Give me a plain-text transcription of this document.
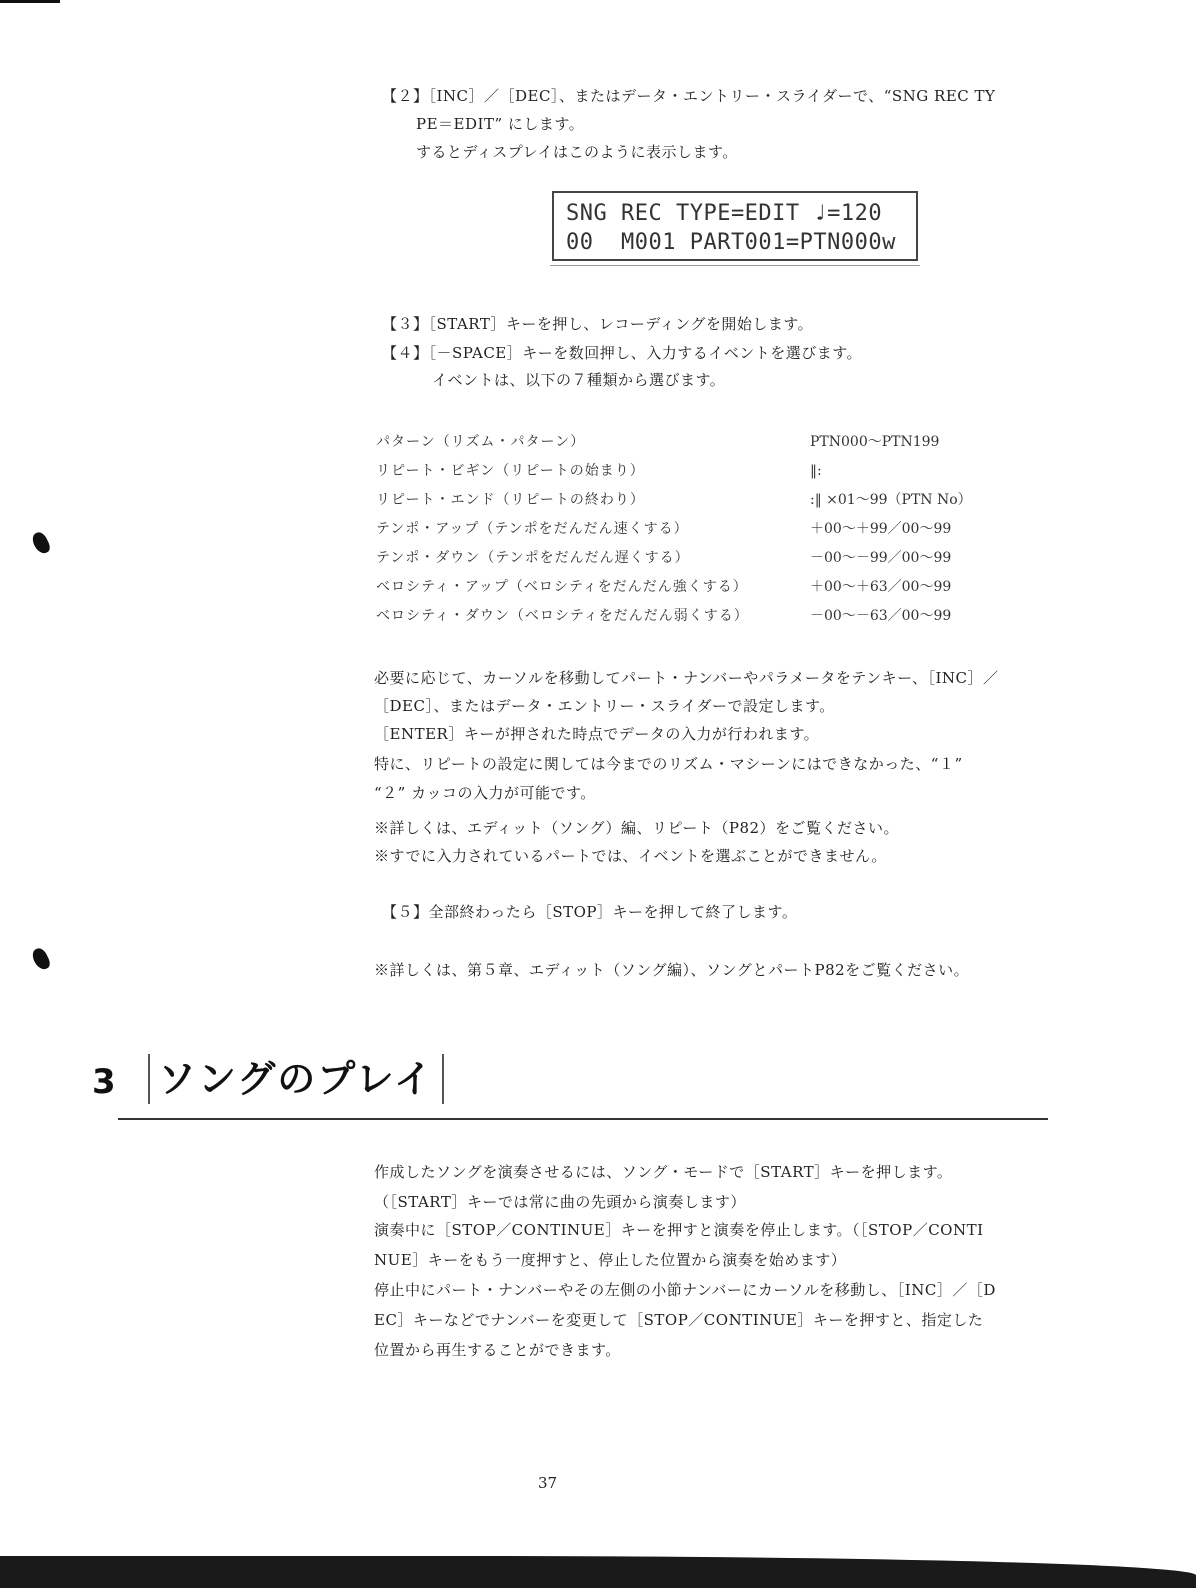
【２】［INC］／［DEC］、またはデータ・エントリー・スライダーで、“SNG REC TY
PE＝EDIT” にします。
するとディスプレイはこのように表示します。
SNG REC TYPE=EDIT ♩=120
00  M001 PART001=PTN000w
【３】［START］キーを押し、レコーディングを開始します。
【４】［－SPACE］キーを数回押し、入力するイベントを選びます。
イベントは、以下の７種類から選びます。
パターン（リズム・パターン）	PTN000～PTN199
リピート・ビギン（リピートの始まり）	‖:
リピート・エンド（リピートの終わり）	:‖ ×01～99（PTN No）
テンポ・アップ（テンポをだんだん速くする）	＋00～＋99／00～99
テンポ・ダウン（テンポをだんだん遅くする）	－00～－99／00～99
ベロシティ・アップ（ベロシティをだんだん強くする）	＋00～＋63／00～99
ベロシティ・ダウン（ベロシティをだんだん弱くする）	－00～－63／00～99
必要に応じて、カーソルを移動してパート・ナンバーやパラメータをテンキー、［INC］／
［DEC］、またはデータ・エントリー・スライダーで設定します。
［ENTER］キーが押された時点でデータの入力が行われます。
特に、リピートの設定に関しては今までのリズム・マシーンにはできなかった、“１”
“２” カッコの入力が可能です。
※詳しくは、エディット（ソング）編、リピート（P82）をご覧ください。
※すでに入力されているパートでは、イベントを選ぶことができません。
【５】全部終わったら［STOP］キーを押して終了します。
※詳しくは、第５章、エディット（ソング編）、ソングとパートP82をご覧ください。
3 ソングのプレイ
作成したソングを演奏させるには、ソング・モードで［START］キーを押します。
（［START］キーでは常に曲の先頭から演奏します）
演奏中に［STOP／CONTINUE］キーを押すと演奏を停止します。（［STOP／CONTI
NUE］キーをもう一度押すと、停止した位置から演奏を始めます）
停止中にパート・ナンバーやその左側の小節ナンバーにカーソルを移動し、［INC］／［D
EC］キーなどでナンバーを変更して［STOP／CONTINUE］キーを押すと、指定した
位置から再生することができます。
37
